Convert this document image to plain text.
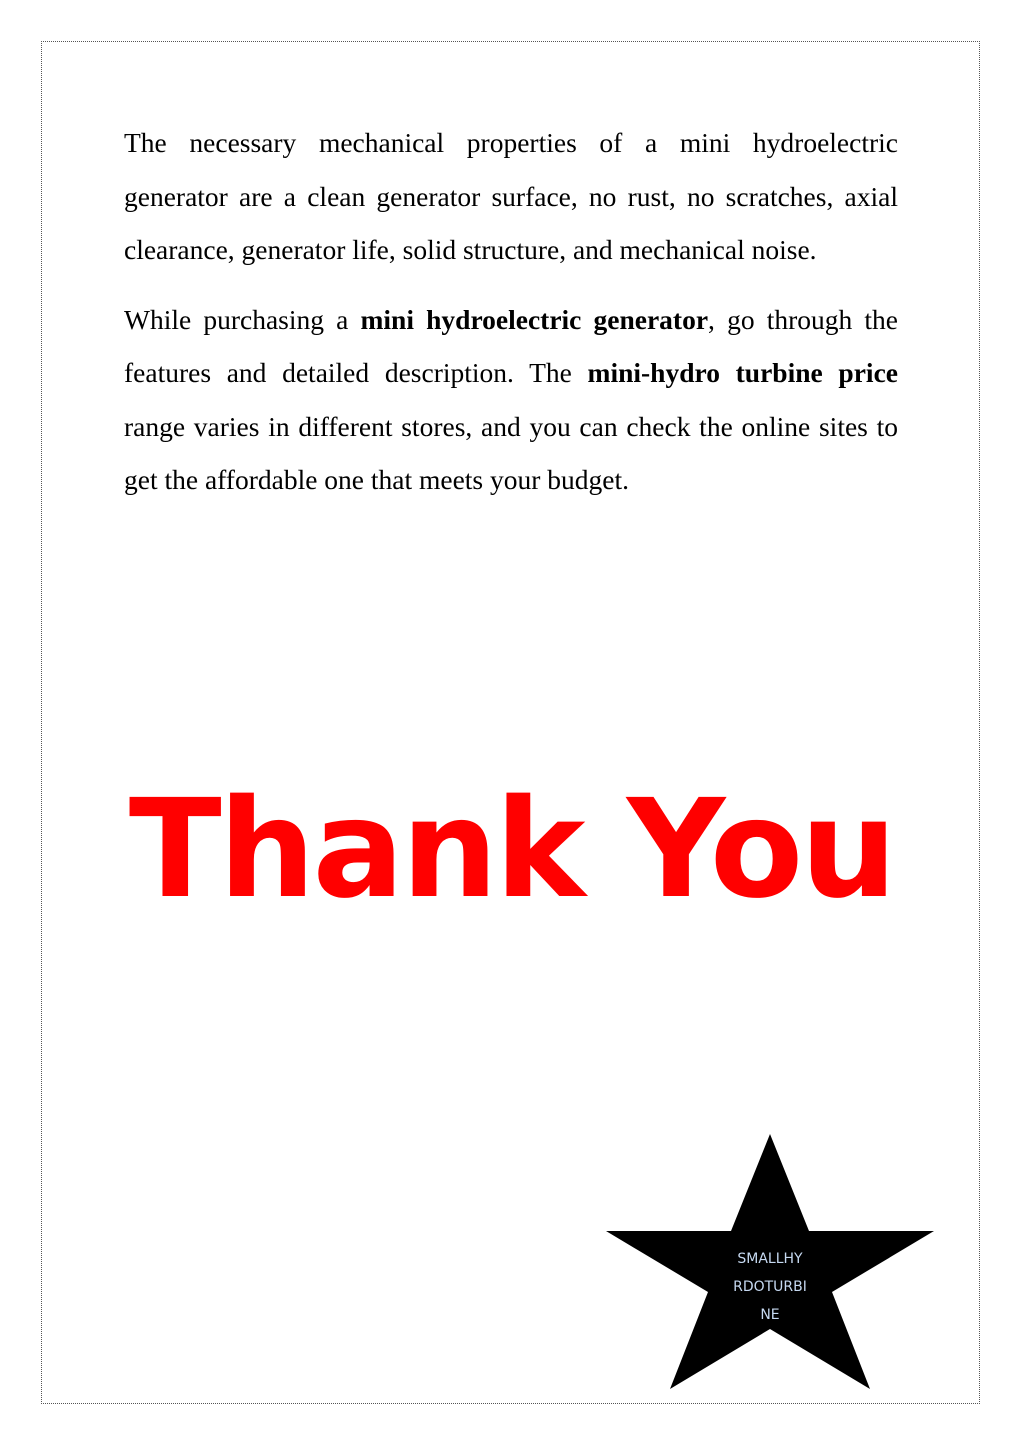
The necessary mechanical properties of a mini hydroelectric generator are a clean generator surface, no rust, no scratches, axial clearance, generator life, solid structure, and mechanical noise.

While purchasing a mini hydroelectric generator, go through the features and detailed description. The mini-hydro turbine price range varies in different stores, and you can check the online sites to get the affordable one that meets your budget.

Thank You
SMALLHY
RDOTURBI
NE
